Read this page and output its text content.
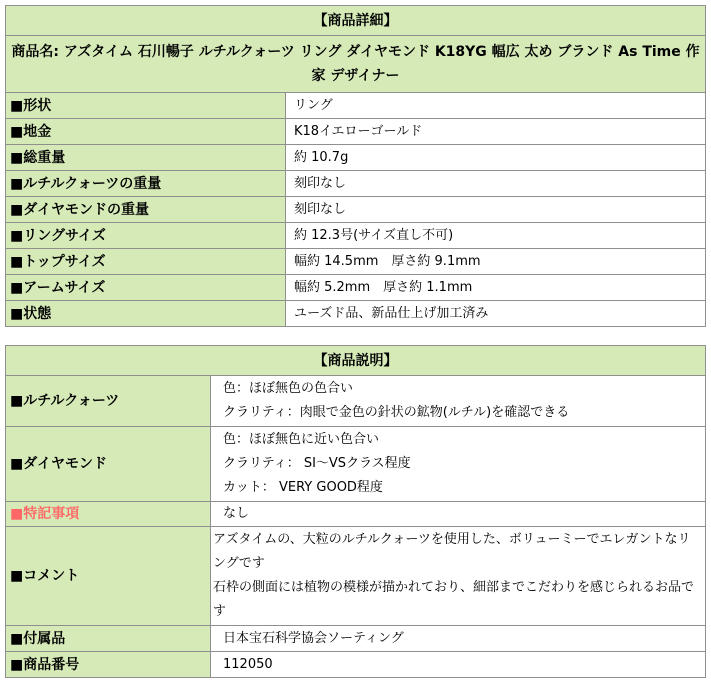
【商品詳細】	
商品名: アズタイム 石川暢子 ルチルクォーツ リング ダイヤモンド K18YG 幅広 太め ブランド As Time 作家 デザイナー	
■形状	リング
■地金	K18イエローゴールド
■総重量	約 10.7g
■ルチルクォーツの重量	刻印なし
■ダイヤモンドの重量	刻印なし
■リングサイズ	約 12.3号(サイズ直し不可)
■トップサイズ	幅約 14.5mm　厚さ約 9.1mm
■アームサイズ	幅約 5.2mm　厚さ約 1.1mm
■状態	ユーズド品、新品仕上げ加工済み
【商品説明】	
■ルチルクォーツ	色：ほぼ無色の色合い
クラリティ：肉眼で金色の針状の鉱物(ルチル)を確認できる

■ダイヤモンド	色：ほぼ無色に近い色合い
クラリティ： SI〜VSクラス程度
カット： VERY GOOD程度

■特記事項	なし
■コメント	アズタイムの、大粒のルチルクォーツを使用した、ボリューミーでエレガントなリングです
石枠の側面には植物の模様が描かれており、細部までこだわりを感じられるお品です

■付属品	日本宝石科学協会ソーティング
■商品番号	112050
